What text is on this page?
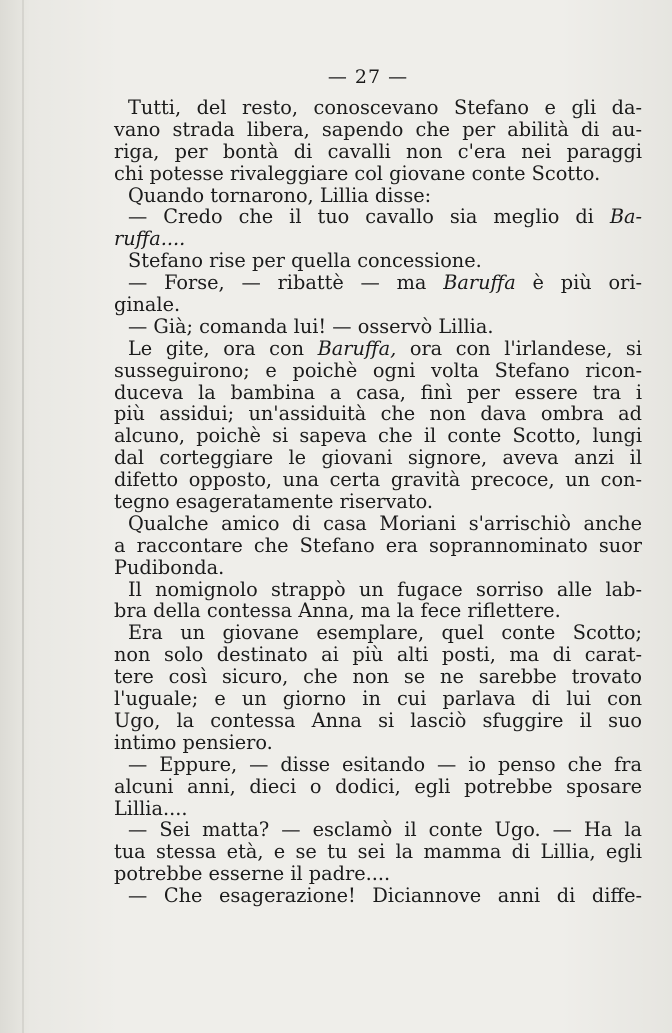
— 27 —
Tutti, del resto, conoscevano Stefano e gli da-
vano strada libera, sapendo che per abilità di au-
riga, per bontà di cavalli non c'era nei paraggi
chi potesse rivaleggiare col giovane conte Scotto.
Quando tornarono, Lillia disse:
— Credo che il tuo cavallo sia meglio di Ba-
ruffa....
Stefano rise per quella concessione.
— Forse, — ribattè — ma Baruffa è più ori-
ginale.
— Già; comanda lui! — osservò Lillia.
Le gite, ora con Baruffa, ora con l'irlandese, si
susseguirono; e poichè ogni volta Stefano ricon-
duceva la bambina a casa, finì per essere tra i
più assidui; un'assiduità che non dava ombra ad
alcuno, poichè si sapeva che il conte Scotto, lungi
dal corteggiare le giovani signore, aveva anzi il
difetto opposto, una certa gravità precoce, un con-
tegno esageratamente riservato.
Qualche amico di casa Moriani s'arrischiò anche
a raccontare che Stefano era soprannominato suor
Pudibonda.
Il nomignolo strappò un fugace sorriso alle lab-
bra della contessa Anna, ma la fece riflettere.
Era un giovane esemplare, quel conte Scotto;
non solo destinato ai più alti posti, ma di carat-
tere così sicuro, che non se ne sarebbe trovato
l'uguale; e un giorno in cui parlava di lui con
Ugo, la contessa Anna si lasciò sfuggire il suo
intimo pensiero.
— Eppure, — disse esitando — io penso che fra
alcuni anni, dieci o dodici, egli potrebbe sposare
Lillia....
— Sei matta? — esclamò il conte Ugo. — Ha la
tua stessa età, e se tu sei la mamma di Lillia, egli
potrebbe esserne il padre....
— Che esagerazione! Diciannove anni di diffe-
